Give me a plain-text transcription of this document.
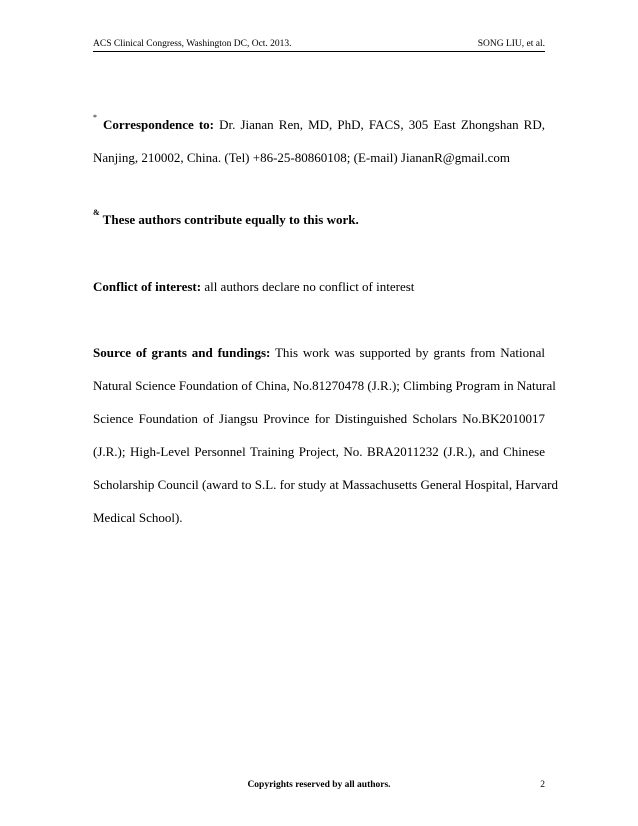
ACS Clinical Congress, Washington DC, Oct. 2013.	SONG LIU, et al.
* Correspondence to: Dr. Jianan Ren, MD, PhD, FACS, 305 East Zhongshan RD,
Nanjing, 210002, China. (Tel) +86-25-80860108; (E-mail) JiananR@gmail.com
& These authors contribute equally to this work.
Conflict of interest: all authors declare no conflict of interest
Source of grants and fundings: This work was supported by grants from National
Natural Science Foundation of China, No.81270478 (J.R.); Climbing Program in Natural
Science Foundation of Jiangsu Province for Distinguished Scholars No.BK2010017
(J.R.); High-Level Personnel Training Project, No. BRA2011232 (J.R.), and Chinese
Scholarship Council (award to S.L. for study at Massachusetts General Hospital, Harvard
Medical School).
Copyrights reserved by all authors.	2
